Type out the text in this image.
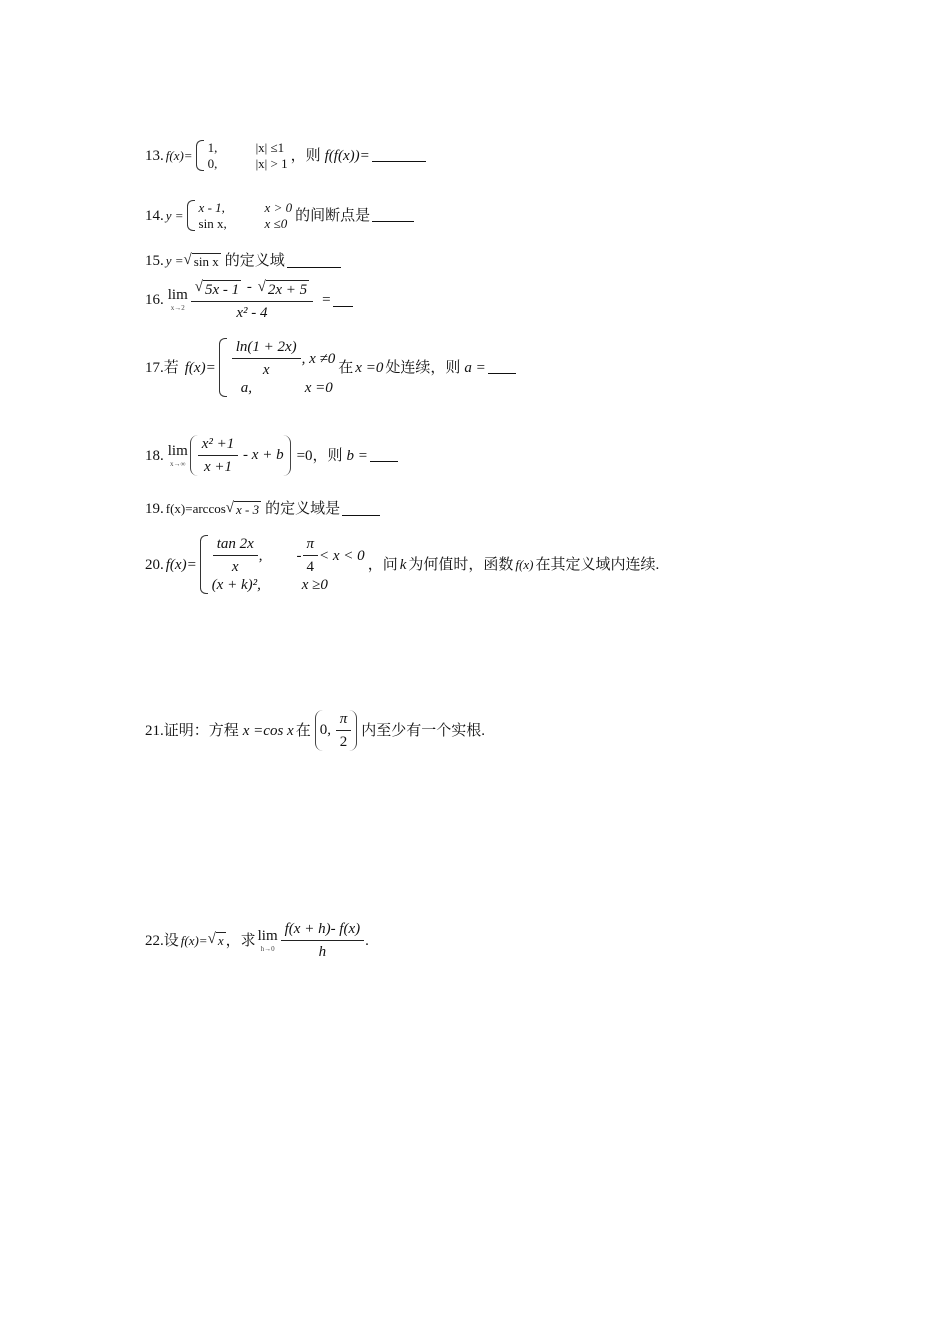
13. f(x)=
1,	|x| ≤1
0,	|x| > 1 ，则 f(f(x))=
14. y =
x - 1,	x > 0
sin x,	x ≤0 的间断点是
15. y = √ sin x 的定义域
16. lim
$x\to 2 \frac{√ 5x - 1 - √ 2x + 5}{\text{x² - 4}}$ =
17.若 $f(x)= \frac{\ln(1 + 2x)}{x}$ , x ≠0
a,	x =0
在 x =0 处连续，则 a =
18. lim
$x\to\infty \frac{\text{x² +1}}{x +1} - x + b =0$，则 b =
19. f(x)=arccos √ x - 3 的定义域是
20. $f(x)= \frac{\tan 2x}{x}$ , - $\frac{\pi}{4} < x < 0$
(x + k)²,	x ≥0
，问 k 为何值时，函数 f(x) 在其定义域内连续.
21.证明：方程 x =cos x 在 0, $\frac{\pi}{2}$ 内至少有一个实根.
22.设 f(x)= √ x ，求 lim
$h\to 0 \frac{f(x + h)- f(x)}{h}$ .
